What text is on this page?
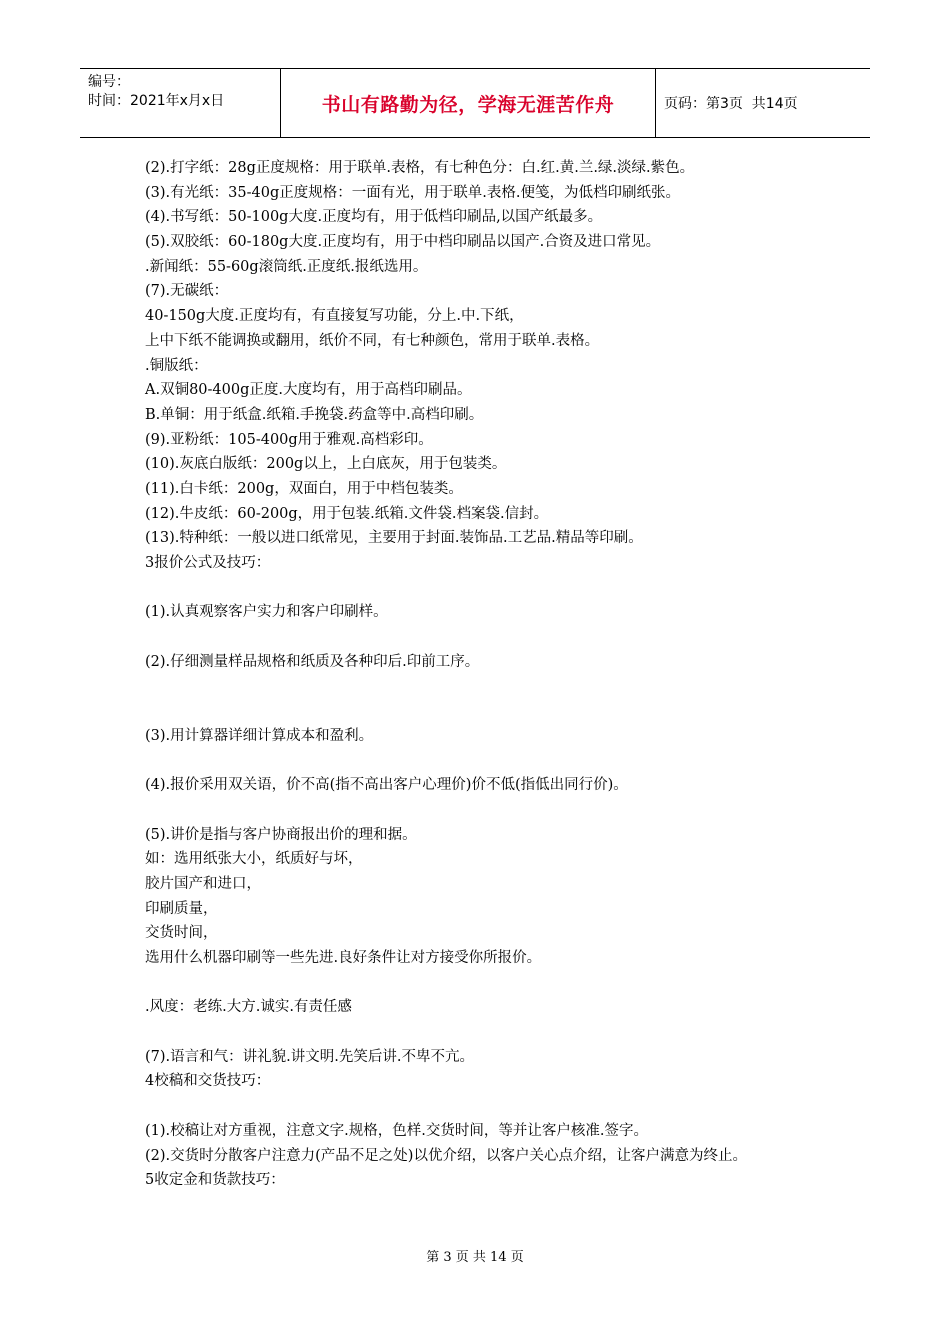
编号：
时间：2021年x月x日	书山有路勤为径，学海无涯苦作舟	页码：第3页  共14页
(2).打字纸：28g正度规格：用于联单.表格，有七种色分：白.红.黄.兰.绿.淡绿.紫色。
(3).有光纸：35-40g正度规格：一面有光，用于联单.表格.便笺，为低档印刷纸张。
(4).书写纸：50-100g大度.正度均有，用于低档印刷品,以国产纸最多。
(5).双胶纸：60-180g大度.正度均有，用于中档印刷品以国产.合资及进口常见。
.新闻纸：55-60g滚筒纸.正度纸.报纸选用。
(7).无碳纸：
40-150g大度.正度均有，有直接复写功能，分上.中.下纸，
上中下纸不能调换或翻用，纸价不同，有七种颜色，常用于联单.表格。
.铜版纸：
A.双铜80-400g正度.大度均有，用于高档印刷品。
B.单铜：用于纸盒.纸箱.手挽袋.药盒等中.高档印刷。
(9).亚粉纸：105-400g用于雅观.高档彩印。
(10).灰底白版纸：200g以上，上白底灰，用于包装类。
(11).白卡纸：200g，双面白，用于中档包装类。
(12).牛皮纸：60-200g，用于包装.纸箱.文件袋.档案袋.信封。
(13).特种纸：一般以进口纸常见，主要用于封面.装饰品.工艺品.精品等印刷。
3报价公式及技巧：
(1).认真观察客户实力和客户印刷样。
(2).仔细测量样品规格和纸质及各种印后.印前工序。
(3).用计算器详细计算成本和盈利。
(4).报价采用双关语，价不高(指不高出客户心理价)价不低(指低出同行价)。
(5).讲价是指与客户协商报出价的理和据。
如：选用纸张大小，纸质好与坏，
胶片国产和进口，
印刷质量，
交货时间，
选用什么机器印刷等一些先进.良好条件让对方接受你所报价。
.风度：老练.大方.诚实.有责任感
(7).语言和气：讲礼貌.讲文明.先笑后讲.不卑不亢。
4校稿和交货技巧：
(1).校稿让对方重视，注意文字.规格，色样.交货时间，等并让客户核准.签字。
(2).交货时分散客户注意力(产品不足之处)以优介绍，以客户关心点介绍，让客户满意为终止。
5收定金和货款技巧：
第 3 页 共 14 页
